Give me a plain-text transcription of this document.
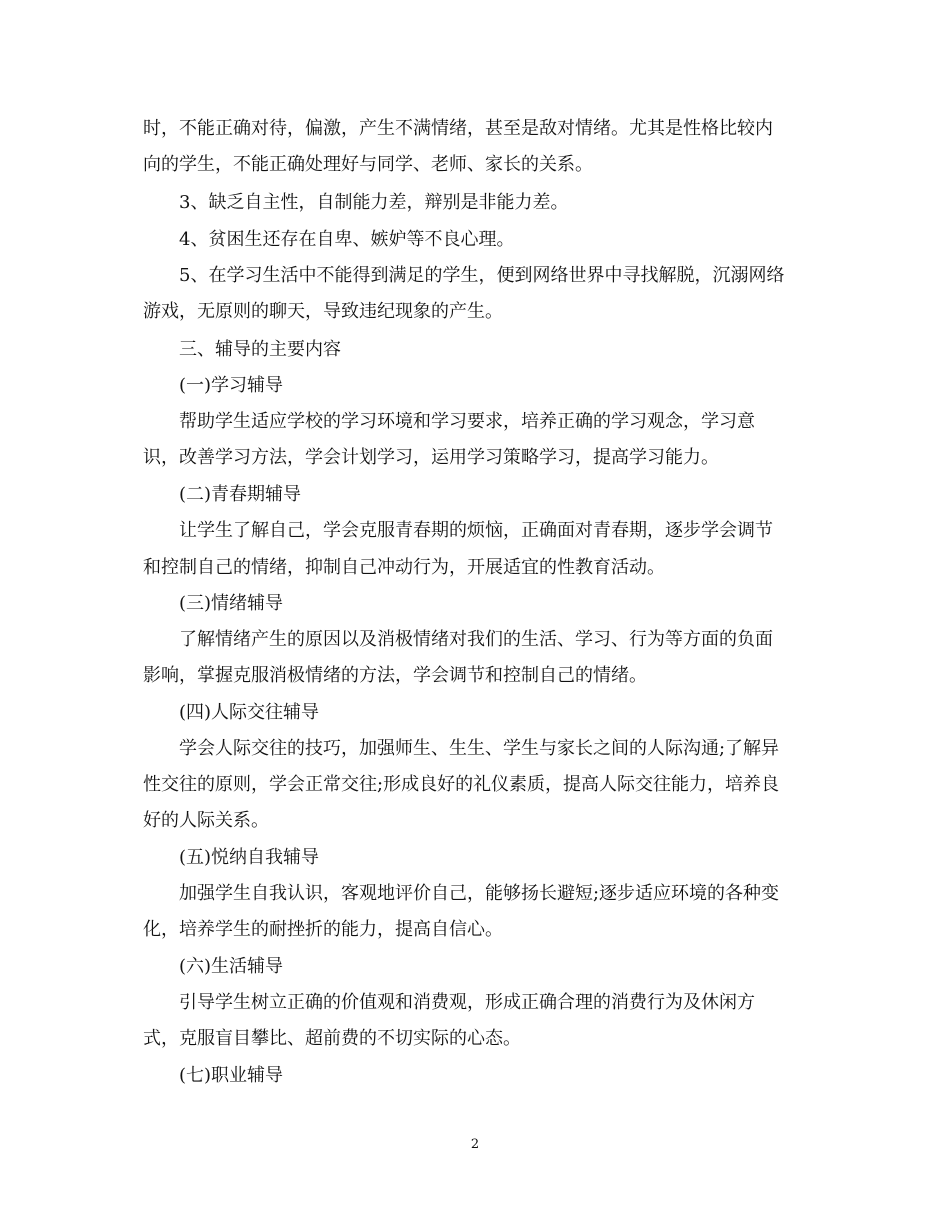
时，不能正确对待，偏激，产生不满情绪，甚至是敌对情绪。尤其是性格比较内
向的学生，不能正确处理好与同学、老师、家长的关系。
3、缺乏自主性，自制能力差，辩别是非能力差。
4、贫困生还存在自卑、嫉妒等不良心理。
5、在学习生活中不能得到满足的学生，便到网络世界中寻找解脱，沉溺网络
游戏，无原则的聊天，导致违纪现象的产生。
三、辅导的主要内容
(一)学习辅导
帮助学生适应学校的学习环境和学习要求，培养正确的学习观念，学习意
识，改善学习方法，学会计划学习，运用学习策略学习，提高学习能力。
(二)青春期辅导
让学生了解自己，学会克服青春期的烦恼，正确面对青春期，逐步学会调节
和控制自己的情绪，抑制自己冲动行为，开展适宜的性教育活动。
(三)情绪辅导
了解情绪产生的原因以及消极情绪对我们的生活、学习、行为等方面的负面
影响，掌握克服消极情绪的方法，学会调节和控制自己的情绪。
(四)人际交往辅导
学会人际交往的技巧，加强师生、生生、学生与家长之间的人际沟通;了解异
性交往的原则，学会正常交往;形成良好的礼仪素质，提高人际交往能力，培养良
好的人际关系。
(五)悦纳自我辅导
加强学生自我认识，客观地评价自己，能够扬长避短;逐步适应环境的各种变
化，培养学生的耐挫折的能力，提高自信心。
(六)生活辅导
引导学生树立正确的价值观和消费观，形成正确合理的消费行为及休闲方
式，克服盲目攀比、超前费的不切实际的心态。
(七)职业辅导
2
